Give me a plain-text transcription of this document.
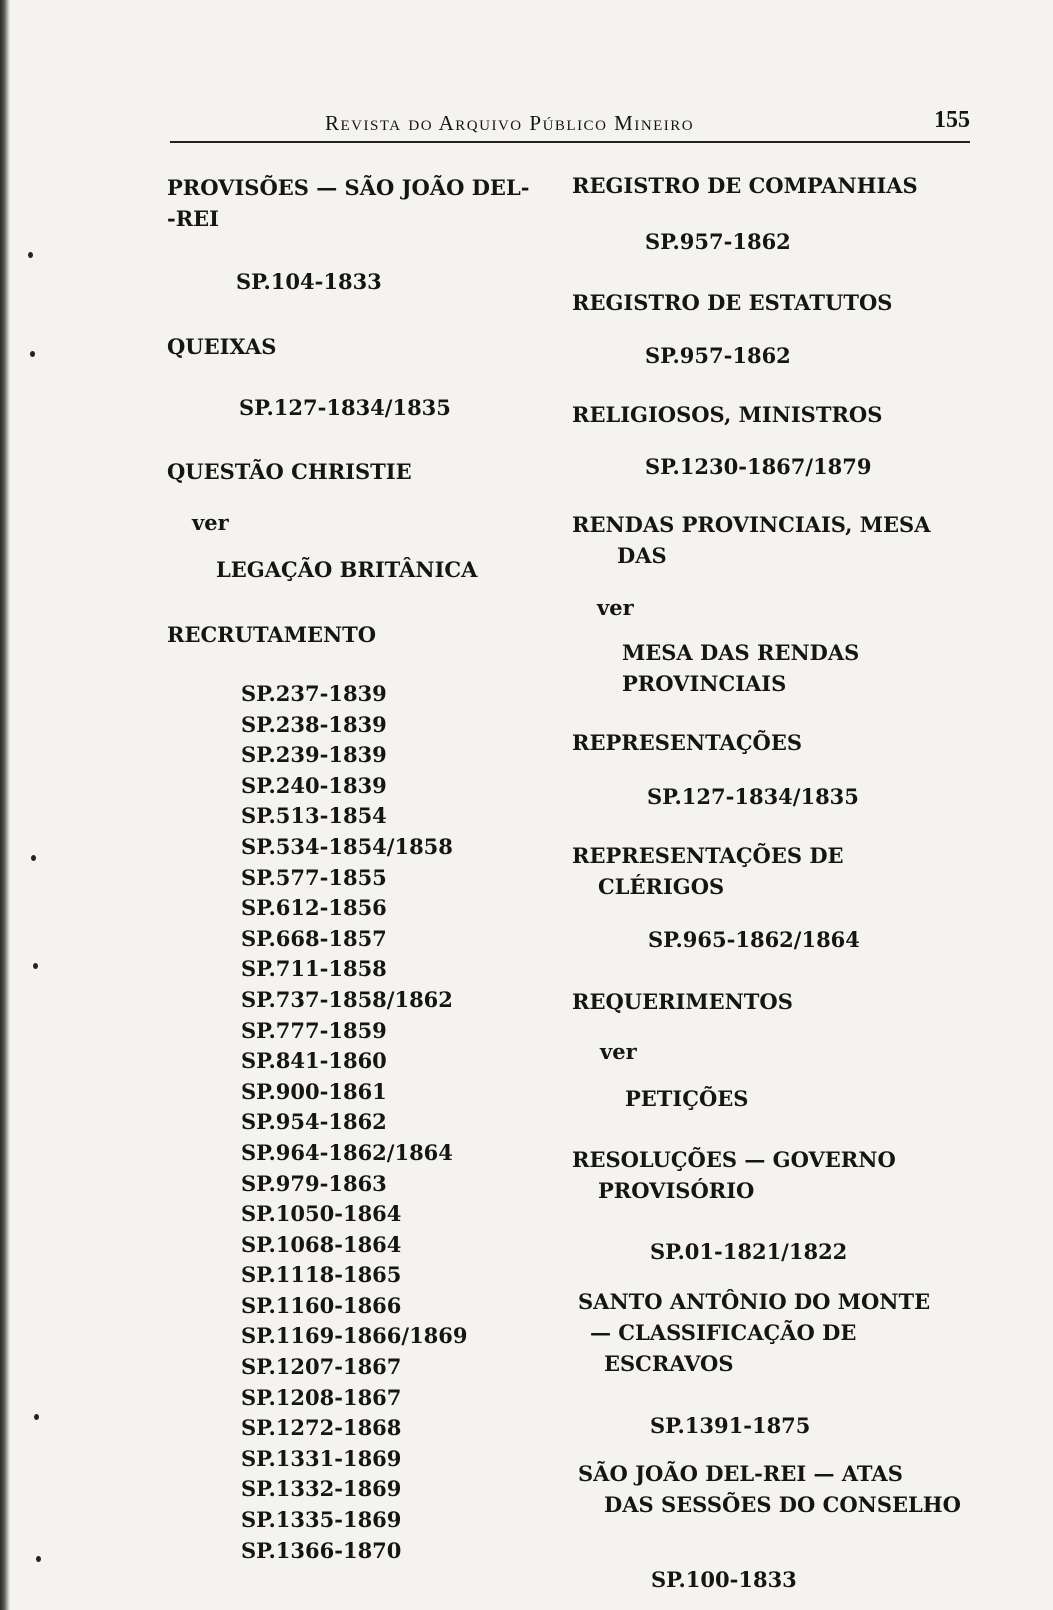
Revista do Arquivo Público Mineiro	155
PROVISÕES — SÃO JOÃO DEL-
-REI
SP.104-1833
QUEIXAS
SP.127-1834/1835
QUESTÃO CHRISTIE
ver
LEGAÇÃO BRITÂNICA
RECRUTAMENTO
SP.237-1839
SP.238-1839
SP.239-1839
SP.240-1839
SP.513-1854
SP.534-1854/1858
SP.577-1855
SP.612-1856
SP.668-1857
SP.711-1858
SP.737-1858/1862
SP.777-1859
SP.841-1860
SP.900-1861
SP.954-1862
SP.964-1862/1864
SP.979-1863
SP.1050-1864
SP.1068-1864
SP.1118-1865
SP.1160-1866
SP.1169-1866/1869
SP.1207-1867
SP.1208-1867
SP.1272-1868
SP.1331-1869
SP.1332-1869
SP.1335-1869
SP.1366-1870
REGISTRO DE COMPANHIAS
SP.957-1862
REGISTRO DE ESTATUTOS
SP.957-1862
RELIGIOSOS, MINISTROS
SP.1230-1867/1879
RENDAS PROVINCIAIS, MESA
DAS
ver
MESA DAS RENDAS
PROVINCIAIS
REPRESENTAÇÕES
SP.127-1834/1835
REPRESENTAÇÕES DE
CLÉRIGOS
SP.965-1862/1864
REQUERIMENTOS
ver
PETIÇÕES
RESOLUÇÕES — GOVERNO
PROVISÓRIO
SP.01-1821/1822
SANTO ANTÔNIO DO MONTE
— CLASSIFICAÇÃO DE
ESCRAVOS
SP.1391-1875
SÃO JOÃO DEL-REI — ATAS
DAS SESSÕES DO CONSELHO
SP.100-1833
